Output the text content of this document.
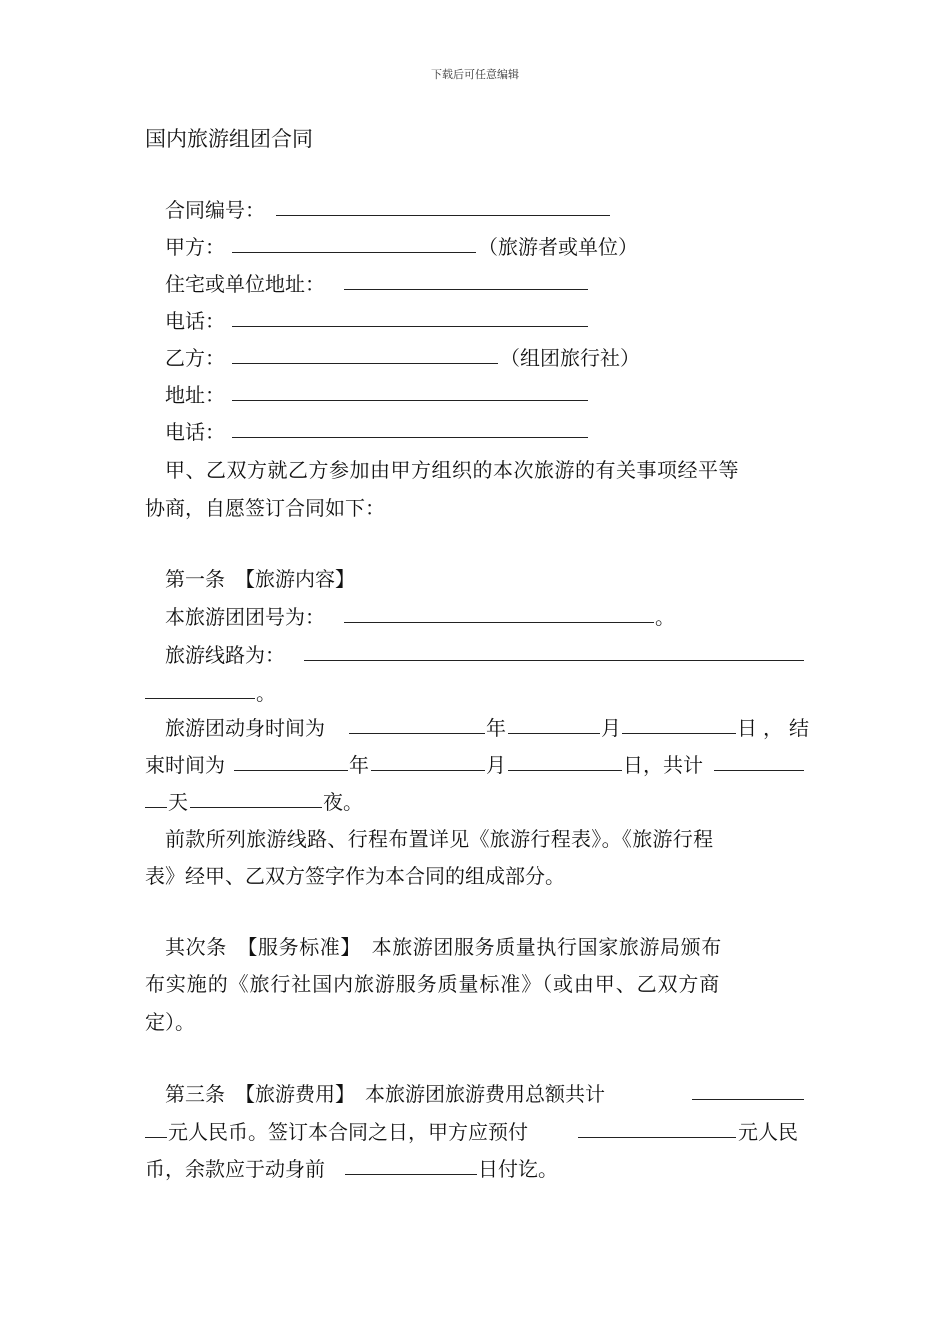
下载后可任意编辑
国内旅游组团合同
合同编号：
甲方：	（旅游者或单位）
住宅或单位地址：
电话：
乙方：	（组团旅行社）
地址：
电话：
甲、乙双方就乙方参加由甲方组织的本次旅游的有关事项经平等
协商，自愿签订合同如下：
第一条　【旅游内容】
本旅游团团号为：	。
旅游线路为：
。
旅游团动身时间为	年	月	日，结
束时间为	年	月	日，共计
天	夜。
前款所列旅游线路、行程布置详见《旅游行程表》。《旅游行程
表》经甲、乙双方签字作为本合同的组成部分。
其次条　【服务标准】　本旅游团服务质量执行国家旅游局颁布
布实施的《旅行社国内旅游服务质量标准》（或由甲、乙双方商
定）。
第三条　【旅游费用】　本旅游团旅游费用总额共计
元人民币。签订本合同之日，甲方应预付	元人民
币，余款应于动身前	日付讫。
